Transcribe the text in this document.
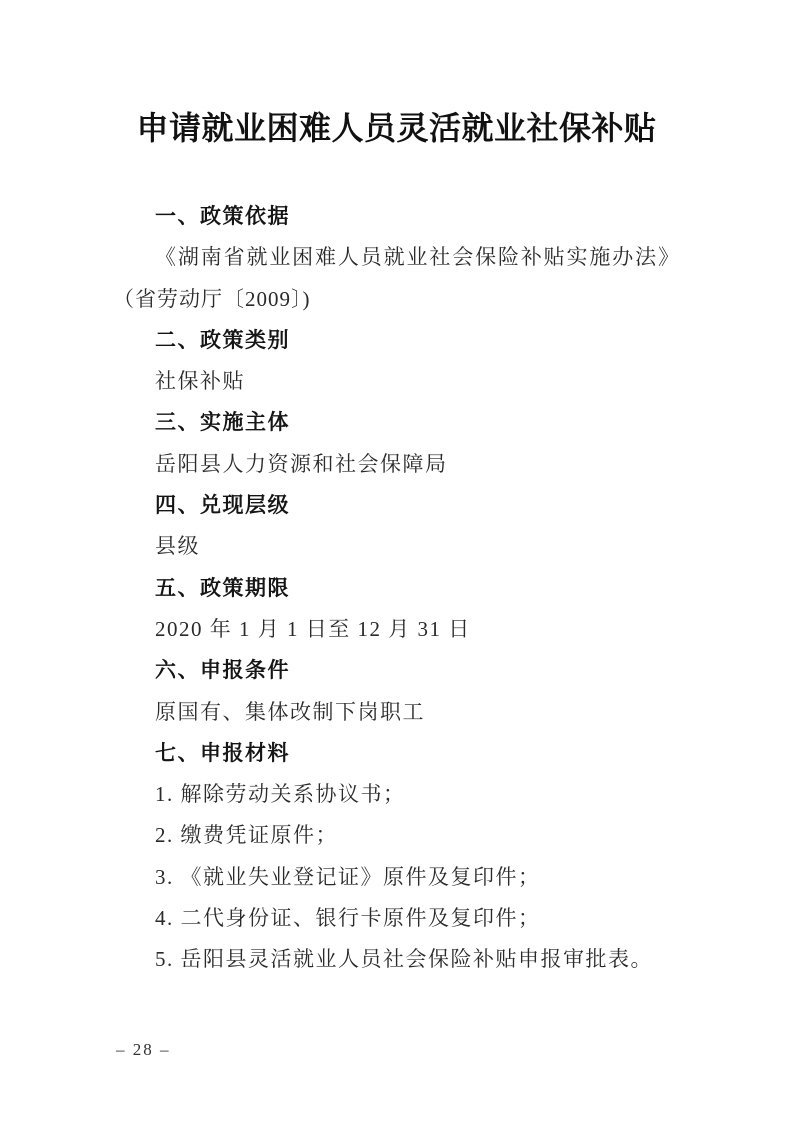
申请就业困难人员灵活就业社保补贴

一、政策依据

《湖南省就业困难人员就业社会保险补贴实施办法》（省劳动厅〔2009〕)

二、政策类别

社保补贴

三、实施主体

岳阳县人力资源和社会保障局

四、兑现层级

县级

五、政策期限

2020 年 1 月 1 日至 12 月 31 日

六、申报条件

原国有、集体改制下岗职工

七、申报材料

1. 解除劳动关系协议书；

2. 缴费凭证原件；

3. 《就业失业登记证》原件及复印件；

4. 二代身份证、银行卡原件及复印件；

5. 岳阳县灵活就业人员社会保险补贴申报审批表。

– 28 –
